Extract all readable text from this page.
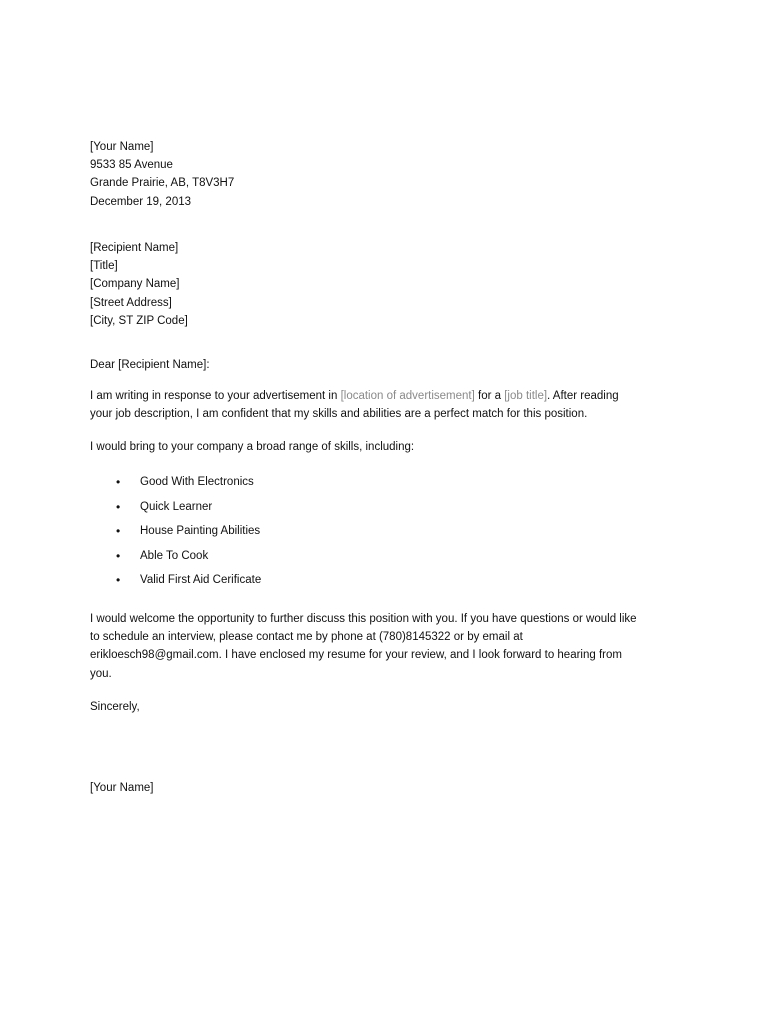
[Your Name]
9533 85 Avenue
Grande Prairie, AB, T8V3H7
December 19, 2013
[Recipient Name]
[Title]
[Company Name]
[Street Address]
[City, ST ZIP Code]
Dear [Recipient Name]:
I am writing in response to your advertisement in [location of advertisement] for a [job title]. After reading
your job description, I am confident that my skills and abilities are a perfect match for this position.
I would bring to your company a broad range of skills, including:
• Good With Electronics
• Quick Learner
• House Painting Abilities
• Able To Cook
• Valid First Aid Cerificate
I would welcome the opportunity to further discuss this position with you. If you have questions or would like
to schedule an interview, please contact me by phone at (780)8145322 or by email at
erikloesch98@gmail.com. I have enclosed my resume for your review, and I look forward to hearing from
you.
Sincerely,
[Your Name]
